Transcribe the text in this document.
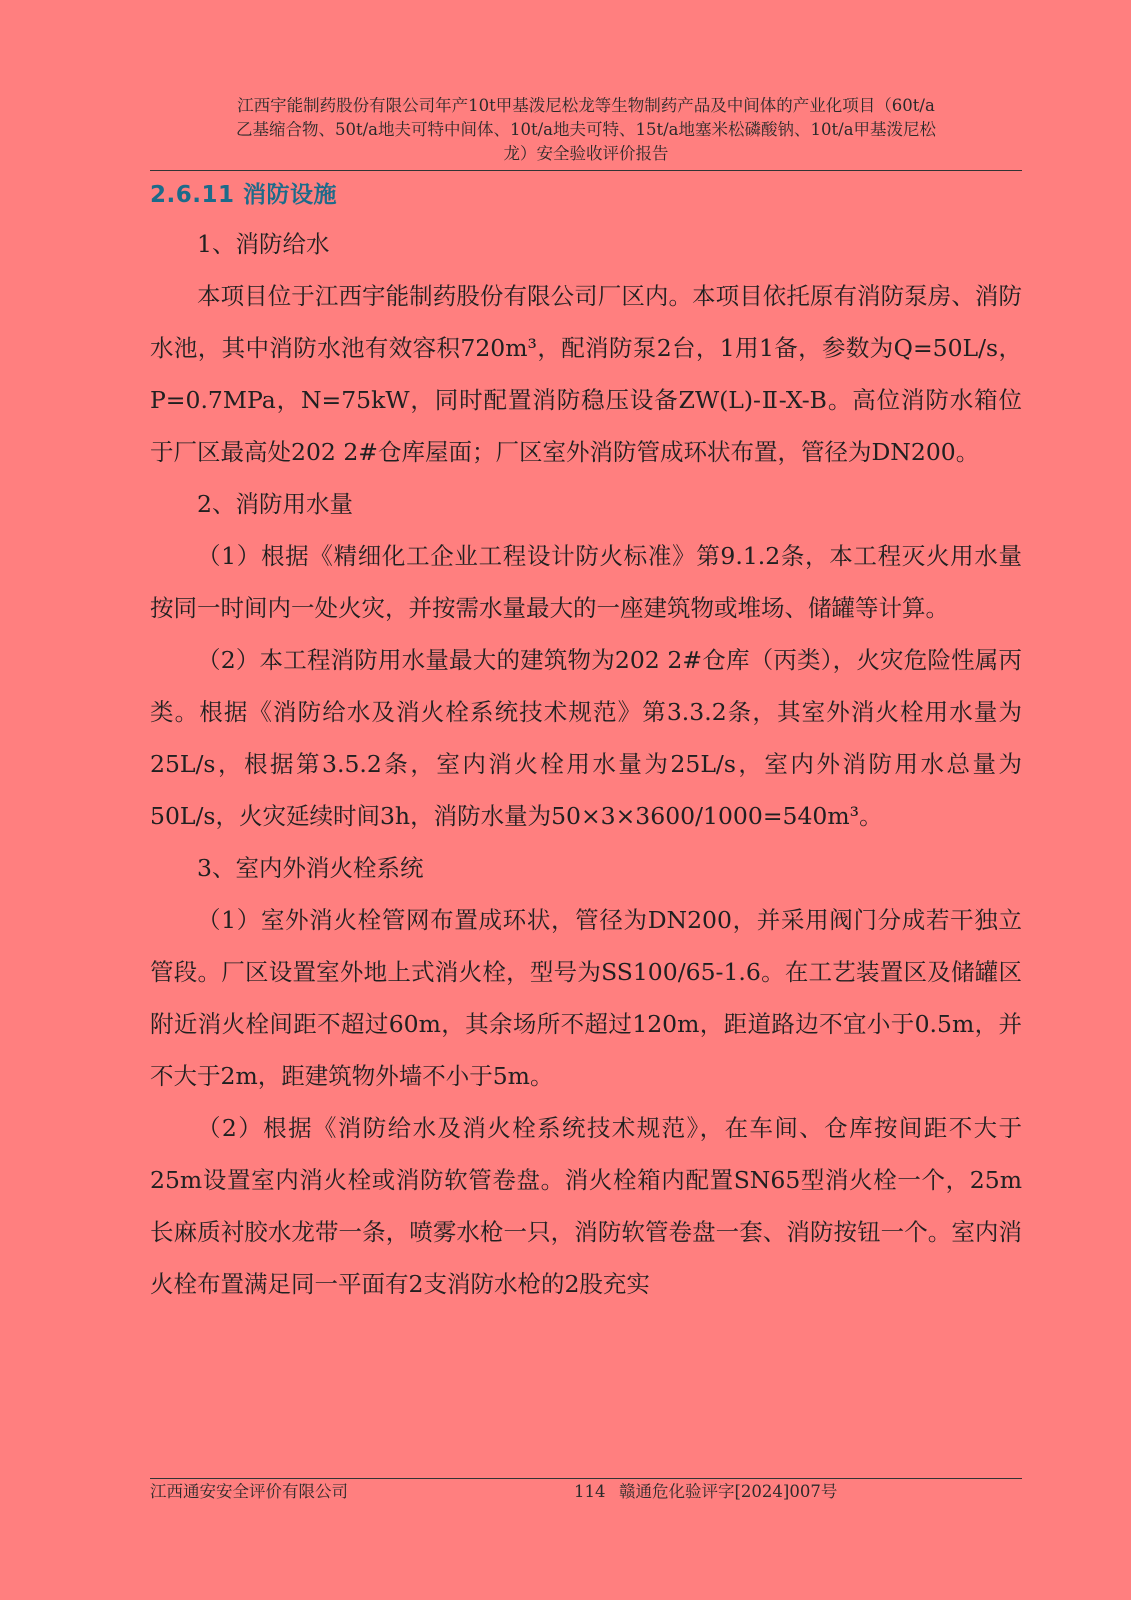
江西宇能制药股份有限公司年产10t甲基泼尼松龙等生物制药产品及中间体的产业化项目（60t/a
乙基缩合物、50t/a地夫可特中间体、10t/a地夫可特、15t/a地塞米松磷酸钠、10t/a甲基泼尼松
龙）安全验收评价报告
2.6.11 消防设施

1、消防给水

本项目位于江西宇能制药股份有限公司厂区内。本项目依托原有消防泵房、消防水池，其中消防水池有效容积720m³，配消防泵2台，1用1备，参数为Q=50L/s，P=0.7MPa，N=75kW，同时配置消防稳压设备ZW(L)-Ⅱ-X-B。高位消防水箱位于厂区最高处202 2#仓库屋面；厂区室外消防管成环状布置，管径为DN200。

2、消防用水量

（1）根据《精细化工企业工程设计防火标准》第9.1.2条，本工程灭火用水量按同一时间内一处火灾，并按需水量最大的一座建筑物或堆场、储罐等计算。

（2）本工程消防用水量最大的建筑物为202 2#仓库（丙类），火灾危险性属丙类。根据《消防给水及消火栓系统技术规范》第3.3.2条，其室外消火栓用水量为25L/s，根据第3.5.2条，室内消火栓用水量为25L/s，室内外消防用水总量为50L/s，火灾延续时间3h，消防水量为50×3×3600/1000=540m³。

3、室内外消火栓系统

（1）室外消火栓管网布置成环状，管径为DN200，并采用阀门分成若干独立管段。厂区设置室外地上式消火栓，型号为SS100/65-1.6。在工艺装置区及储罐区附近消火栓间距不超过60m，其余场所不超过120m，距道路边不宜小于0.5m，并不大于2m，距建筑物外墙不小于5m。

（2）根据《消防给水及消火栓系统技术规范》，在车间、仓库按间距不大于25m设置室内消火栓或消防软管卷盘。消火栓箱内配置SN65型消火栓一个，25m长麻质衬胶水龙带一条，喷雾水枪一只，消防软管卷盘一套、消防按钮一个。室内消火栓布置满足同一平面有2支消防水枪的2股充实

江西通安安全评价有限公司	114 赣通危化验评字[2024]007号
